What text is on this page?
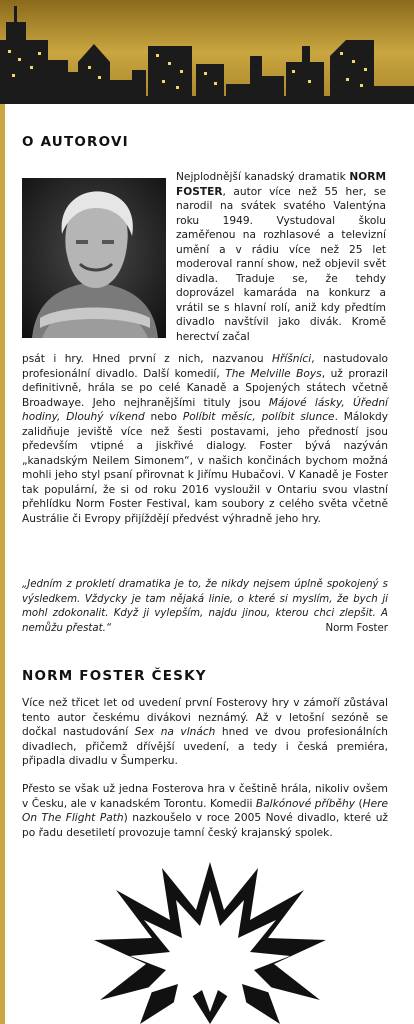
O AUTOROVI

Nejplodnější kanadský dramatik NORM FOSTER, autor více než 55 her, se narodil na svátek svatého Valentýna roku 1949. Vystudoval školu zaměřenou na rozhlasové a televizní umění a v rádiu více než 25 let moderoval ranní show, než objevil svět divadla. Traduje se, že tehdy doprovázel kamaráda na konkurz a vrátil se s hlavní rolí, aniž kdy předtím divadlo navštívil jako divák. Kromě herectví začal

psát i hry. Hned první z nich, nazvanou Hříšníci, nastudovalo profesionální divadlo. Další komedií, The Melville Boys, už prorazil definitivně, hrála se po celé Kanadě a Spojených státech včetně Broadwaye. Jeho nejhranějšími tituly jsou Májové lásky, Úřední hodiny, Dlouhý víkend nebo Políbit měsíc, políbit slunce. Málokdy zalidňuje jeviště více než šesti postavami, jeho předností jsou především vtipné a jiskřivé dialogy. Foster bývá nazýván „kanadským Neilem Simonem“, v našich končinách bychom možná mohli jeho styl psaní přirovnat k Jiřímu Hubačovi. V Kanadě je Foster tak populární, že si od roku 2016 vysloužil v Ontariu svou vlastní přehlídku Norm Foster Festival, kam soubory z celého světa včetně Austrálie či Evropy přijíždějí předvést výhradně jeho hry.

„Jedním z prokletí dramatika je to, že nikdy nejsem úplně spokojený s výsledkem. Vždycky je tam nějaká linie, o které si myslím, že bych ji mohl zdokonalit. Když ji vylepším, najdu jinou, kterou chci zlepšit. A nemůžu přestat.“	Norm Foster

NORM FOSTER ČESKY

Více než třicet let od uvedení první Fosterovy hry v zámoří zůstával tento autor českému divákovi neznámý. Až v letošní sezóně se dočkal nastudování Sex na vlnách hned ve dvou profesionálních divadlech, přičemž dřívější uvedení, a tedy i česká premiéra, připadla divadlu v Šumperku.

Přesto se však už jedna Fosterova hra v češtině hrála, nikoliv ovšem v Česku, ale v kanadském Torontu. Komedii Balkónové příběhy (Here On The Flight Path) nazkoušelo v roce 2005 Nové divadlo, které už po řadu desetiletí provozuje tamní český krajanský spolek.
